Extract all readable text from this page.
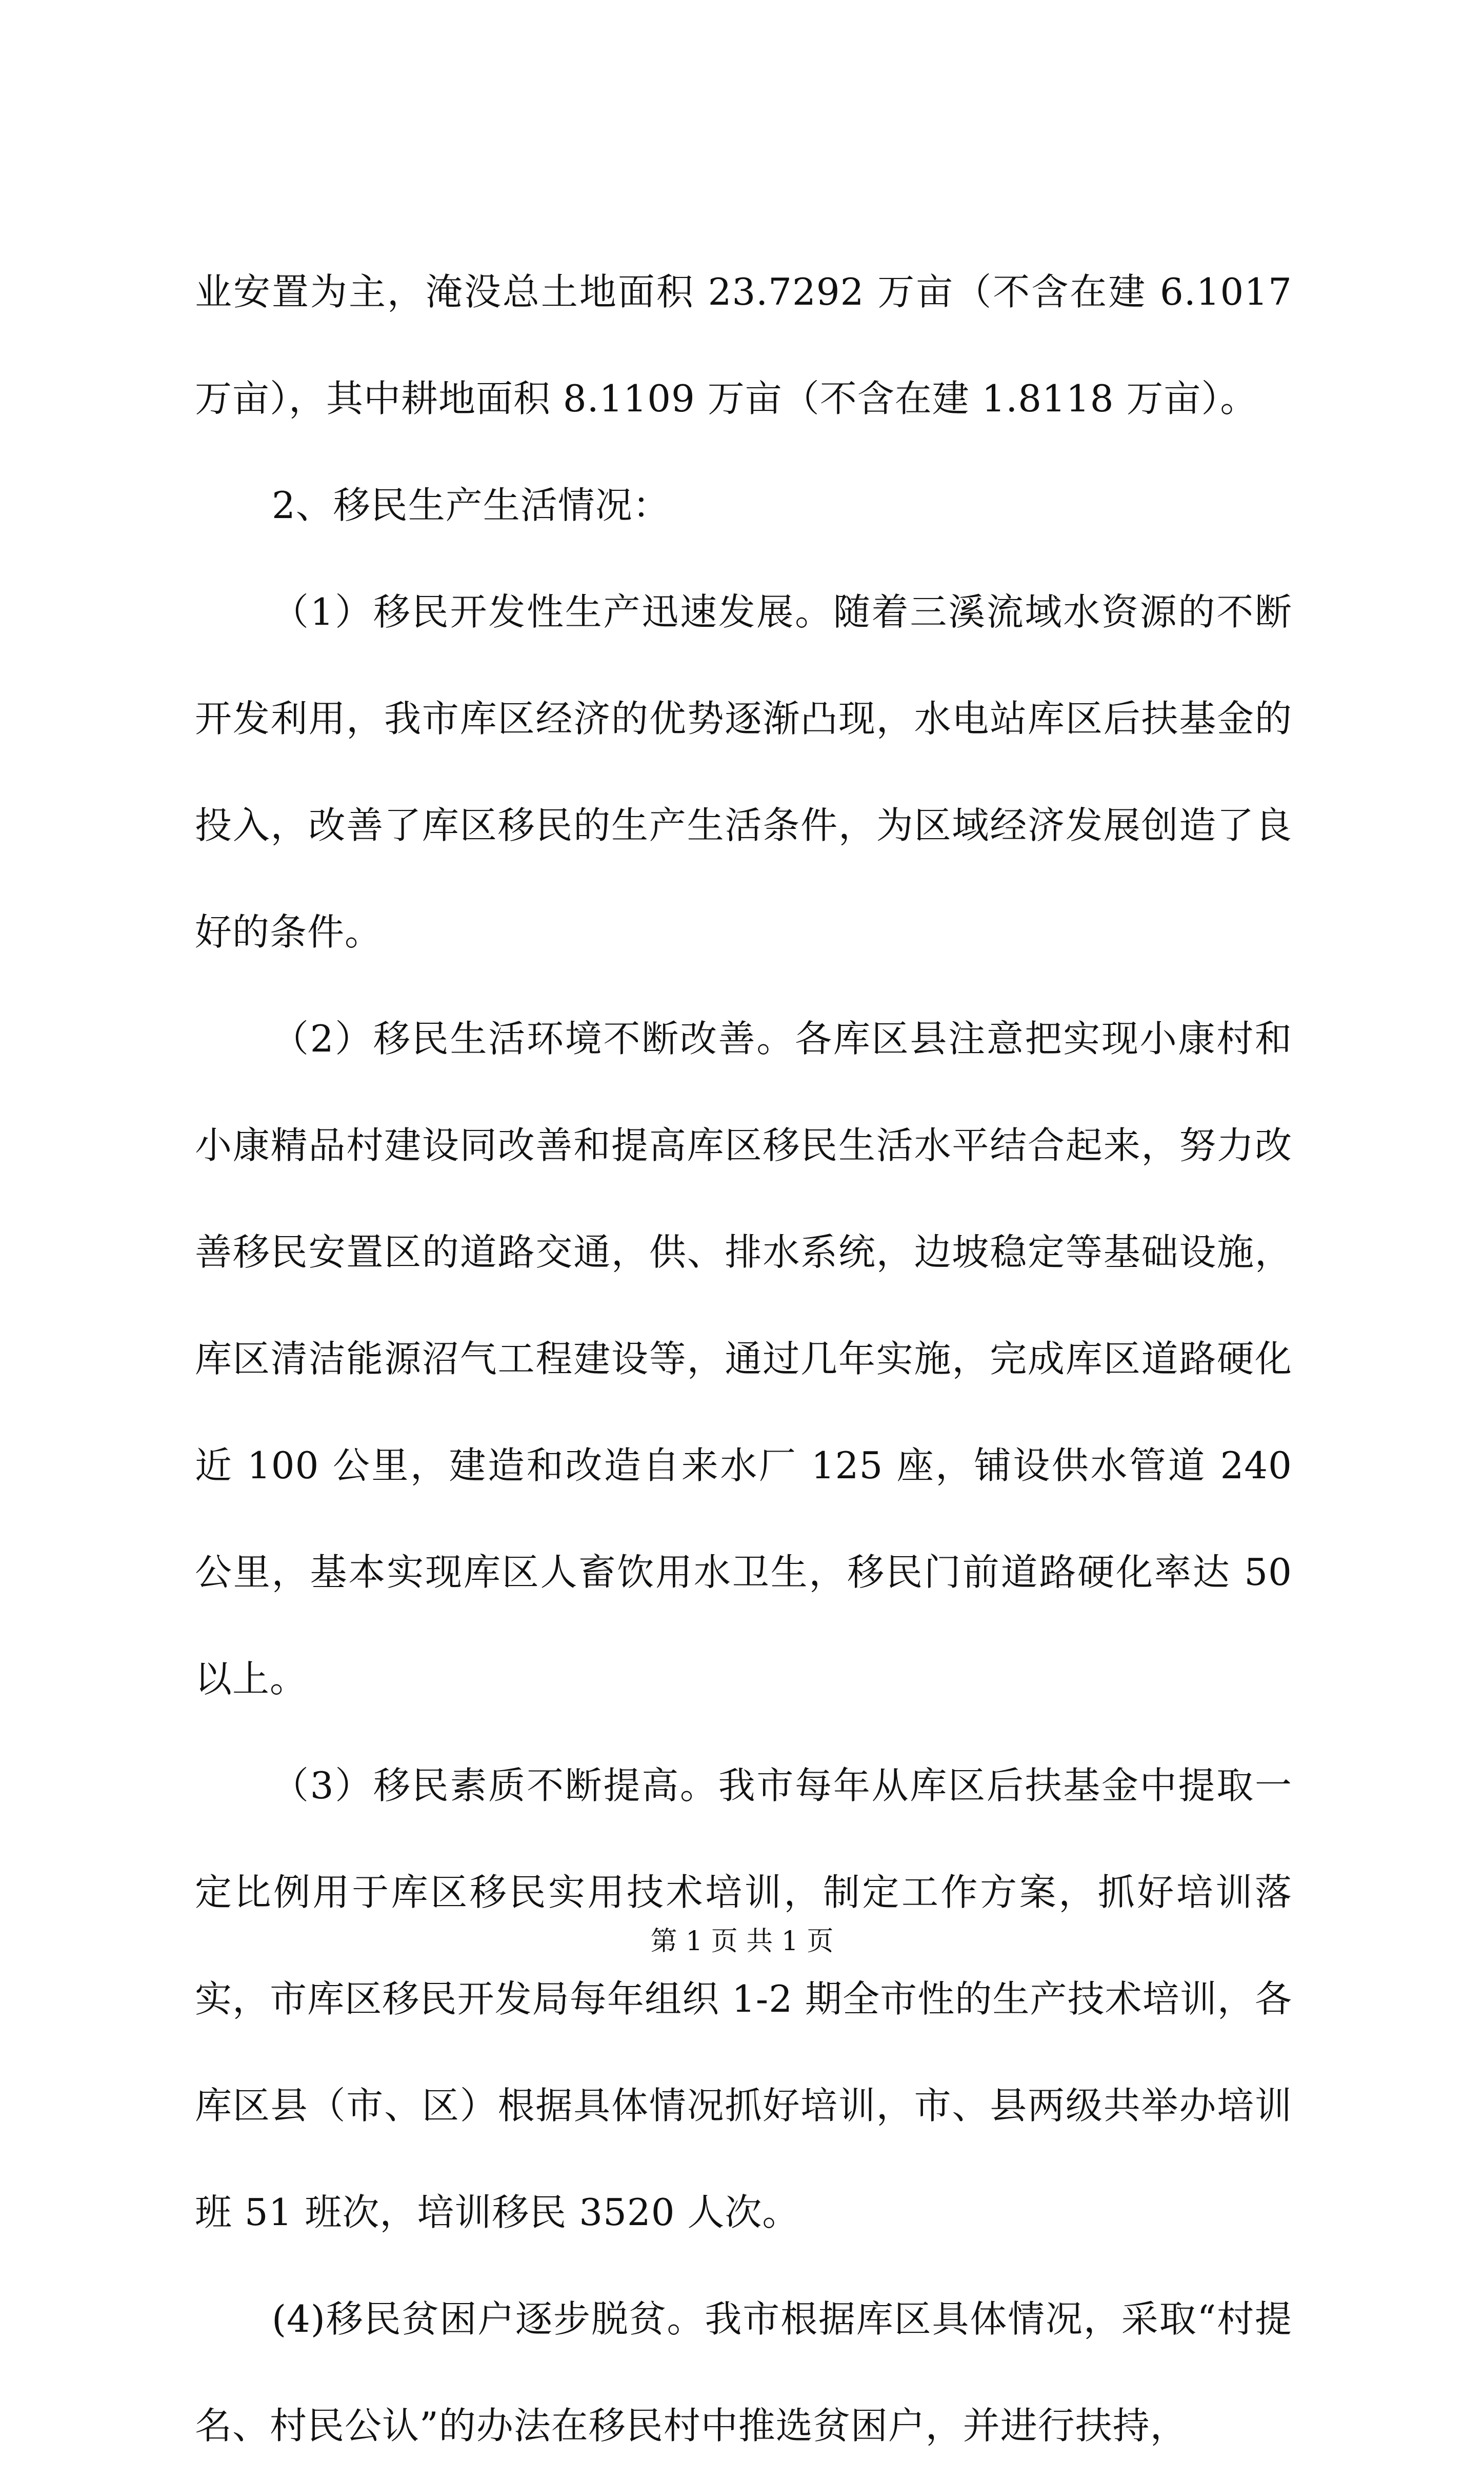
业安置为主，淹没总土地面积 23.7292 万亩（不含在建 6.1017 万亩），其中耕地面积 8.1109 万亩（不含在建 1.8118 万亩）。

2、移民生产生活情况：

（1）移民开发性生产迅速发展。随着三溪流域水资源的不断开发利用，我市库区经济的优势逐渐凸现，水电站库区后扶基金的投入，改善了库区移民的生产生活条件，为区域经济发展创造了良好的条件。

（2）移民生活环境不断改善。各库区县注意把实现小康村和小康精品村建设同改善和提高库区移民生活水平结合起来，努力改善移民安置区的道路交通，供、排水系统，边坡稳定等基础设施，库区清洁能源沼气工程建设等，通过几年实施，完成库区道路硬化近 100 公里，建造和改造自来水厂 125 座，铺设供水管道 240 公里，基本实现库区人畜饮用水卫生，移民门前道路硬化率达 50 以上。

（3）移民素质不断提高。我市每年从库区后扶基金中提取一定比例用于库区移民实用技术培训，制定工作方案，抓好培训落实，市库区移民开发局每年组织 1-2 期全市性的生产技术培训，各库区县（市、区）根据具体情况抓好培训，市、县两级共举办培训班 51 班次，培训移民 3520 人次。

(4)移民贫困户逐步脱贫。我市根据库区具体情况，采取“村提名、村民公认”的办法在移民村中推选贫困户，并进行扶持，

第 1 页 共 1 页
